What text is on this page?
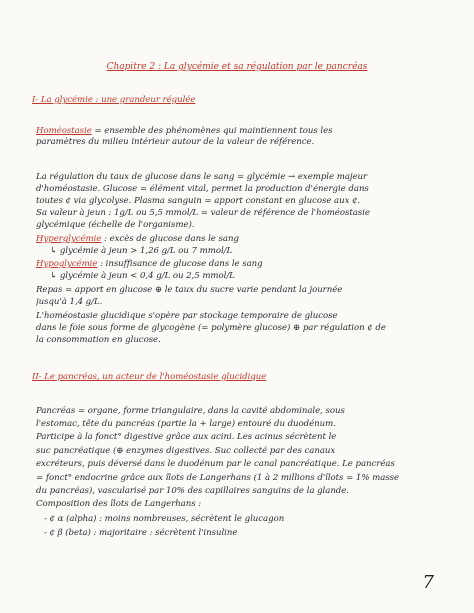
Chapitre 2 : La glycémie et sa régulation par le pancréas
I- La glycémie : une grandeur régulée
Homéostasie = ensemble des phénomènes qui maintiennent tous les
paramètres du milieu intérieur autour de la valeur de référence.
La régulation du taux de glucose dans le sang = glycémie → exemple majeur
d'homéostasie. Glucose = élément vital, permet la production d'énergie dans
toutes ¢ via glycolyse. Plasma sanguin = apport constant en glucose aux ¢.
Sa valeur à jeun : 1g/L ou 5,5 mmol/L = valeur de référence de l'homéostasie
glycémique (échelle de l'organisme).
Hyperglycémie : excès de glucose dans le sang
↳ glycémie à jeun > 1,26 g/L ou 7 mmol/L
Hypoglycémie : insuffisance de glucose dans le sang
↳ glycémie à jeun < 0,4 g/L ou 2,5 mmol/L
Repas = apport en glucose ⊕ le taux du sucre varie pendant la journée
jusqu'à 1,4 g/L.
L'homéostasie glucidique s'opère par stockage temporaire de glucose
dans le foie sous forme de glycogène (= polymère glucose) ⊕ par régulation ¢ de
la consommation en glucose.
II- Le pancréas, un acteur de l'homéostasie glucidique
Pancréas = organe, forme triangulaire, dans la cavité abdominale, sous
l'estomac, tête du pancréas (partie la + large) entouré du duodénum.
Participe à la fonct° digestive grâce aux acini. Les acinus sécrètent le
suc pancréatique (⊕ enzymes digestives. Suc collecté par des canaux
excréteurs, puis déversé dans le duodénum par le canal pancréatique. Le pancréas
= fonct° endocrine grâce aux îlots de Langerhans (1 à 2 millions d'îlots = 1% masse
du pancréas), vascularisé par 10% des capillaires sanguins de la glande.
Composition des îlots de Langerhans :
- ¢ α (alpha) : moins nombreuses, sécrètent le glucagon
- ¢ β (beta) : majoritaire : sécrètent l'insuline
7
